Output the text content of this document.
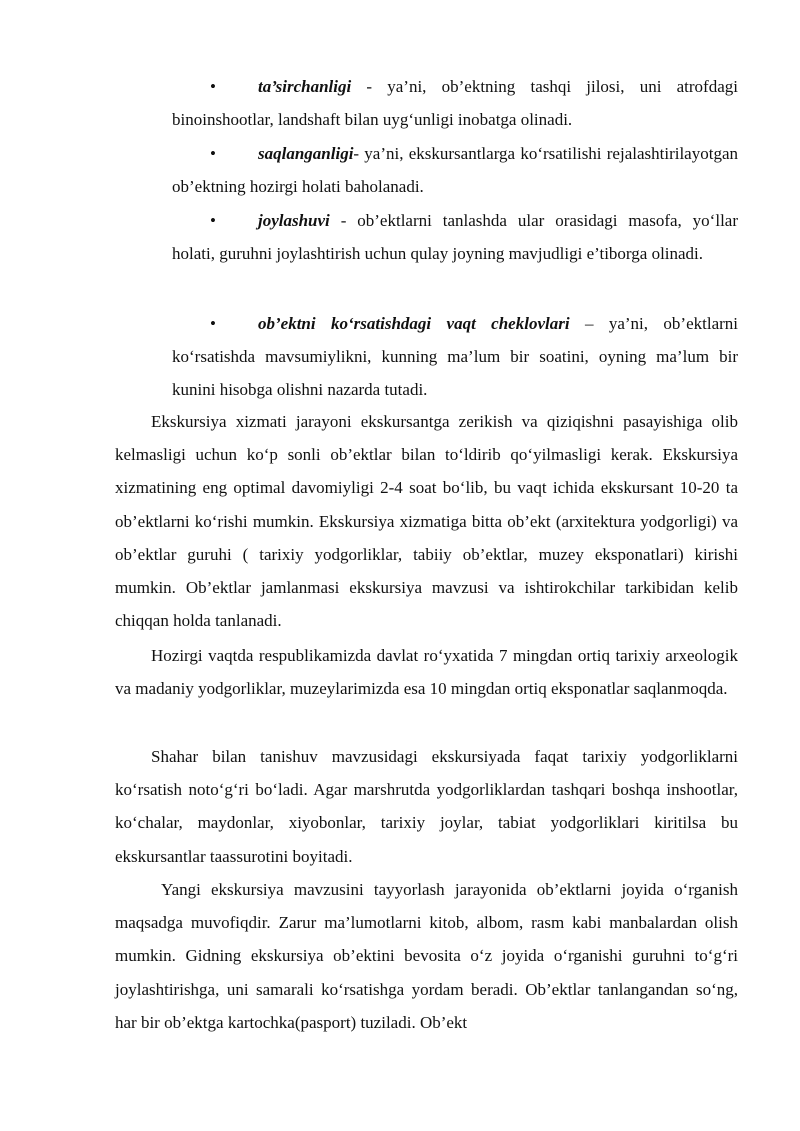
• ta’sirchanligi - ya’ni, ob’ektning tashqi jilosi, uni atrofdagi binoinshootlar, landshaft bilan uyg‘unligi inobatga olinadi.
• saqlanganligi- ya’ni, ekskursantlarga ko‘rsatilishi rejalashtirilayotgan ob’ektning hozirgi holati baholanadi.
• joylashuvi - ob’ektlarni tanlashda ular orasidagi masofa, yo‘llar holati, guruhni joylashtirish uchun qulay joyning mavjudligi e’tiborga olinadi.
• ob’ektni ko‘rsatishdagi vaqt cheklovlari – ya’ni, ob’ektlarni ko‘rsatishda mavsumiylikni, kunning ma’lum bir soatini, oyning ma’lum bir kunini hisobga olishni nazarda tutadi.
Ekskursiya xizmati jarayoni ekskursantga zerikish va qiziqishni pasayishiga olib kelmasligi uchun ko‘p sonli ob’ektlar bilan to‘ldirib qo‘yilmasligi kerak. Ekskursiya xizmatining eng optimal davomiyligi 2-4 soat bo‘lib, bu vaqt ichida ekskursant 10-20 ta ob’ektlarni ko‘rishi mumkin. Ekskursiya xizmatiga bitta ob’ekt (arxitektura yodgorligi) va ob’ektlar guruhi ( tarixiy yodgorliklar, tabiiy ob’ektlar, muzey eksponatlari) kirishi mumkin. Ob’ektlar jamlanmasi ekskursiya mavzusi va ishtirokchilar tarkibidan kelib chiqqan holda tanlanadi.
Hozirgi vaqtda respublikamizda davlat ro‘yxatida 7 mingdan ortiq tarixiy arxeologik va madaniy yodgorliklar, muzeylarimizda esa 10 mingdan ortiq eksponatlar saqlanmoqda.
Shahar bilan tanishuv mavzusidagi ekskursiyada faqat tarixiy yodgorliklarni ko‘rsatish noto‘g‘ri bo‘ladi. Agar marshrutda yodgorliklardan tashqari boshqa inshootlar, ko‘chalar, maydonlar, xiyobonlar, tarixiy joylar, tabiat yodgorliklari kiritilsa bu ekskursantlar taassurotini boyitadi.
Yangi ekskursiya mavzusini tayyorlash jarayonida ob’ektlarni joyida o‘rganish maqsadga muvofiqdir. Zarur ma’lumotlarni kitob, albom, rasm kabi manbalardan olish mumkin. Gidning ekskursiya ob’ektini bevosita o‘z joyida o‘rganishi guruhni to‘g‘ri joylashtirishga, uni samarali ko‘rsatishga yordam beradi. Ob’ektlar tanlangandan so‘ng, har bir ob’ektga kartochka(pasport) tuziladi. Ob’ekt
